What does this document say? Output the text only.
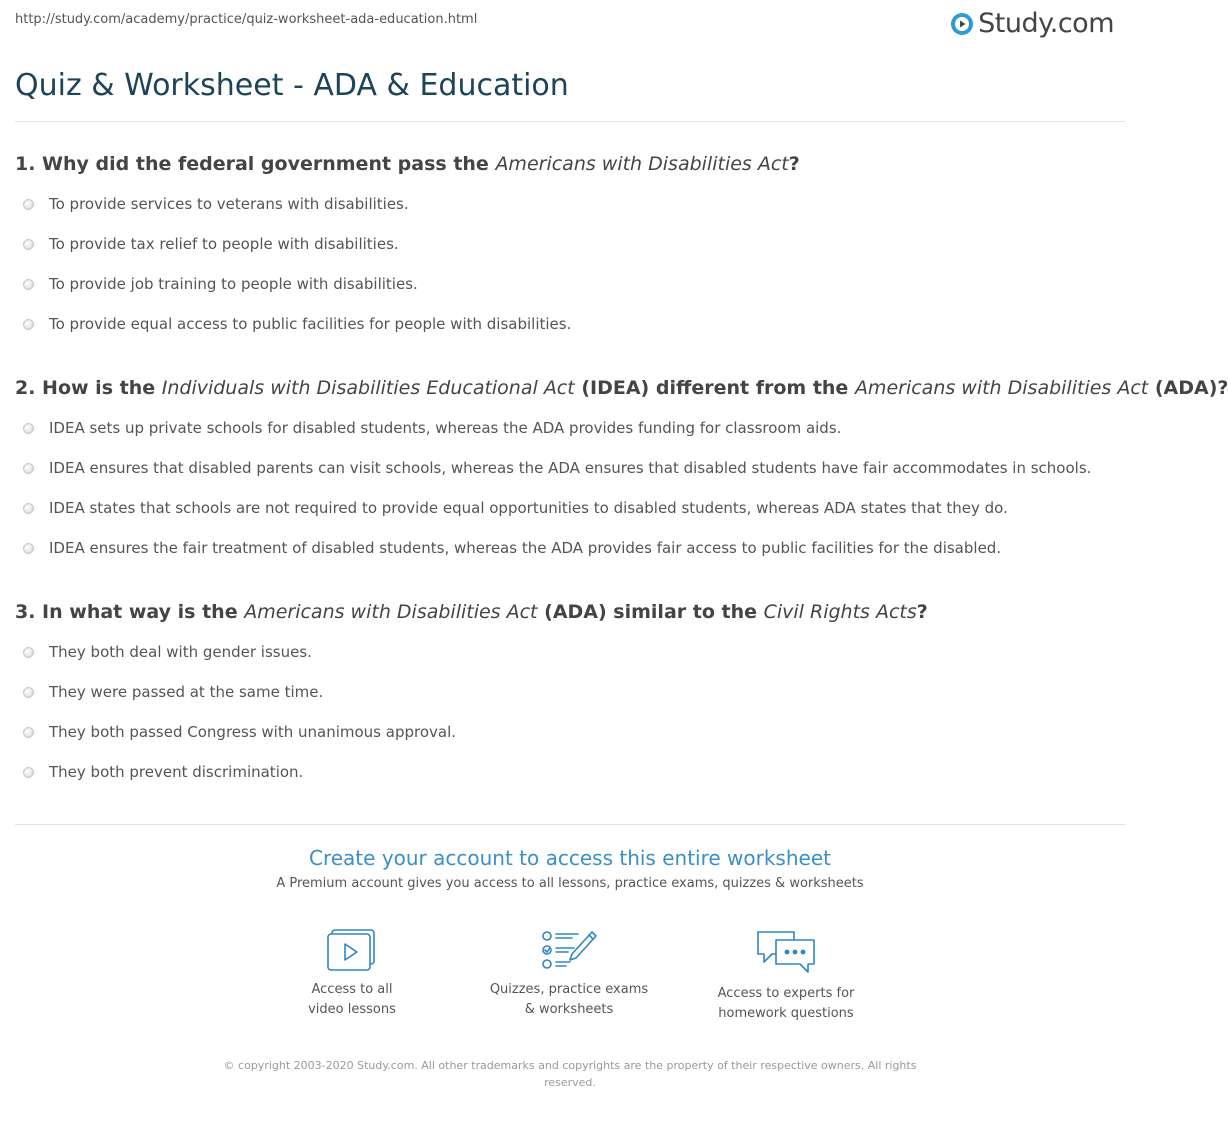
http://study.com/academy/practice/quiz-worksheet-ada-education.html	Study.com
Quiz & Worksheet - ADA & Education

1. Why did the federal government pass the Americans with Disabilities Act?

To provide services to veterans with disabilities.
To provide tax relief to people with disabilities.
To provide job training to people with disabilities.
To provide equal access to public facilities for people with disabilities.

2. How is the Individuals with Disabilities Educational Act (IDEA) different from the Americans with Disabilities Act (ADA)?

IDEA sets up private schools for disabled students, whereas the ADA provides funding for classroom aids.
IDEA ensures that disabled parents can visit schools, whereas the ADA ensures that disabled students have fair accommodates in schools.
IDEA states that schools are not required to provide equal opportunities to disabled students, whereas ADA states that they do.
IDEA ensures the fair treatment of disabled students, whereas the ADA provides fair access to public facilities for the disabled.

3. In what way is the Americans with Disabilities Act (ADA) similar to the Civil Rights Acts?

They both deal with gender issues.
They were passed at the same time.
They both passed Congress with unanimous approval.
They both prevent discrimination.

Create your account to access this entire worksheet

A Premium account gives you access to all lessons, practice exams, quizzes & worksheets
Access to all
video lessons
Quizzes, practice exams
& worksheets
Access to experts for
homework questions
© copyright 2003-2020 Study.com. All other trademarks and copyrights are the property of their respective owners. All rights reserved.
